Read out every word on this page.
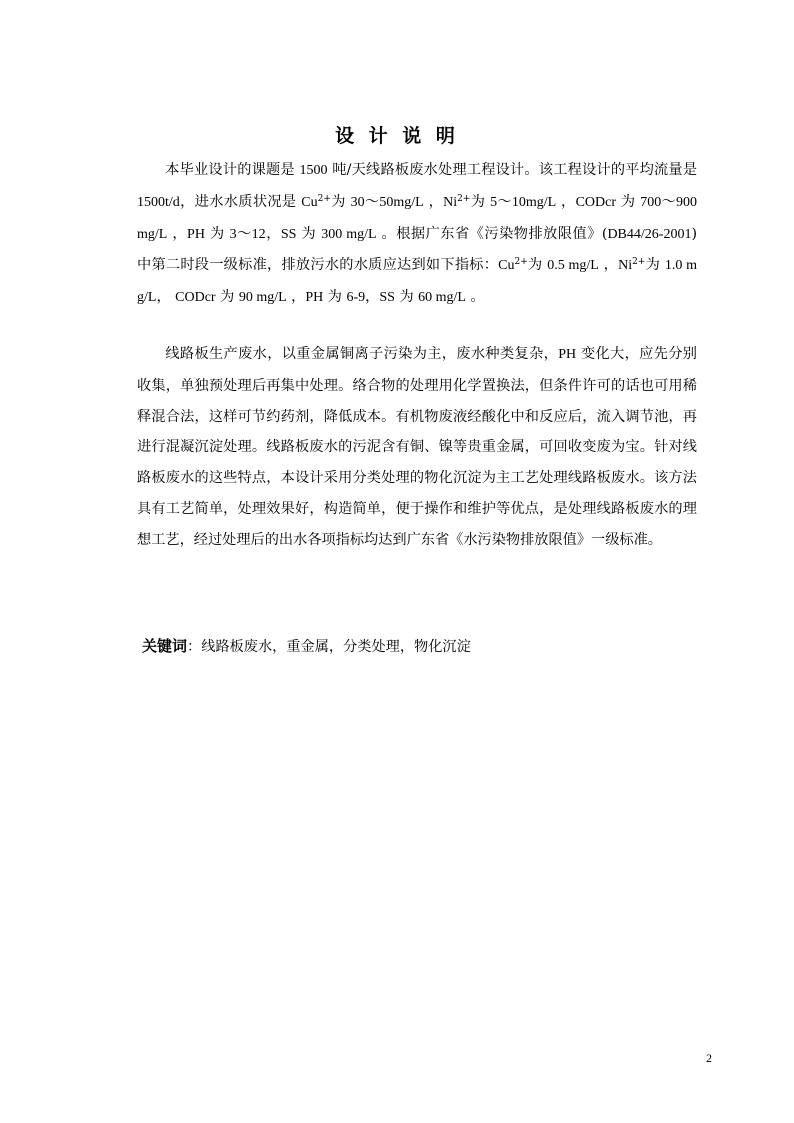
设 计 说 明
本毕业设计的课题是 1500 吨/天线路板废水处理工程设计。该工程设计的平均流量是 1500t/d，进水水质状况是 $Cu^{2+}$为 30～50mg/L ，$Ni^{2+}$为 5～10mg/L ，CODcr 为 700～900 mg/L ，PH 为 3～12，SS 为 300 mg/L 。根据广东省《污染物排放限值》(DB44/26-2001) 中第二时段一级标准，排放污水的水质应达到如下指标：$Cu^{2+}$为 0.5 mg/L ，$Ni^{2+}$为 1.0 mg/L， CODcr 为 90 mg/L ，PH 为 6-9，SS 为 60 mg/L 。
线路板生产废水，以重金属铜离子污染为主，废水种类复杂，PH 变化大，应先分别收集，单独预处理后再集中处理。络合物的处理用化学置换法，但条件许可的话也可用稀释混合法，这样可节约药剂，降低成本。有机物废液经酸化中和反应后，流入调节池，再进行混凝沉淀处理。线路板废水的污泥含有铜、镍等贵重金属，可回收变废为宝。针对线路板废水的这些特点，本设计采用分类处理的物化沉淀为主工艺处理线路板废水。该方法具有工艺简单，处理效果好，构造简单，便于操作和维护等优点，是处理线路板废水的理想工艺，经过处理后的出水各项指标均达到广东省《水污染物排放限值》一级标准。
关键词：线路板废水，重金属，分类处理，物化沉淀
2
